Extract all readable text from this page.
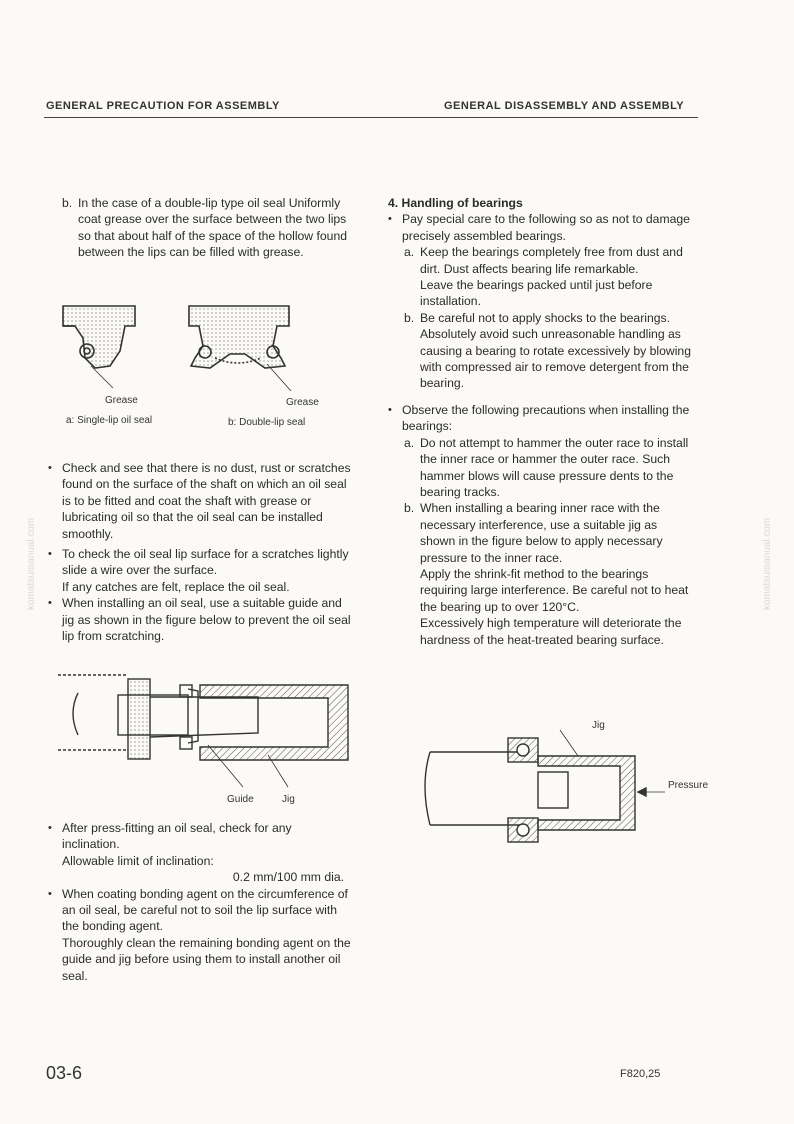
GENERAL PRECAUTION FOR ASSEMBLY	GENERAL DISASSEMBLY AND ASSEMBLY
komatsumanual.com	komatsumanual.com
b. In the case of a double-lip type oil seal Uniformly coat grease over the surface between the two lips so that about half of the space of the hollow found between the lips can be filled with grease.
Grease	Grease
a: Single-lip oil seal	b: Double-lip seal

• Check and see that there is no dust, rust or scratches found on the surface of the shaft on which an oil seal is to be fitted and coat the shaft with grease or lubricating oil so that the oil seal can be installed smoothly.

• To check the oil seal lip surface for a scratches lightly slide a wire over the surface.

If any catches are felt, replace the oil seal.

• When installing an oil seal, use a suitable guide and jig as shown in the figure below to prevent the oil seal lip from scratching.

Guide	Jig

• After press-fitting an oil seal, check for any inclination.

Allowable limit of inclination:

0.2 mm/100 mm dia.

• When coating bonding agent on the circumference of an oil seal, be careful not to soil the lip surface with the bonding agent.

Thoroughly clean the remaining bonding agent on the guide and jig before using them to install another oil seal.

4. Handling of bearings

• Pay special care to the following so as not to damage precisely assembled bearings.

a. Keep the bearings completely free from dust and dirt. Dust affects bearing life remarkable.

Leave the bearings packed until just before installation.

b. Be careful not to apply shocks to the bearings.

Absolutely avoid such unreasonable handling as causing a bearing to rotate excessively by blowing with compressed air to remove detergent from the bearing.

• Observe the following precautions when installing the bearings:

a. Do not attempt to hammer the outer race to install the inner race or hammer the outer race. Such hammer blows will cause pressure dents to the bearing tracks.
b. When installing a bearing inner race with the necessary interference, use a suitable jig as shown in the figure below to apply necessary pressure to the inner race.

Apply the shrink-fit method to the bearings requiring large interference. Be careful not to heat the bearing up to over 120°C.

Excessively high temperature will deteriorate the hardness of the heat-treated bearing surface.

Jig
Pressure
03-6	F820,25
